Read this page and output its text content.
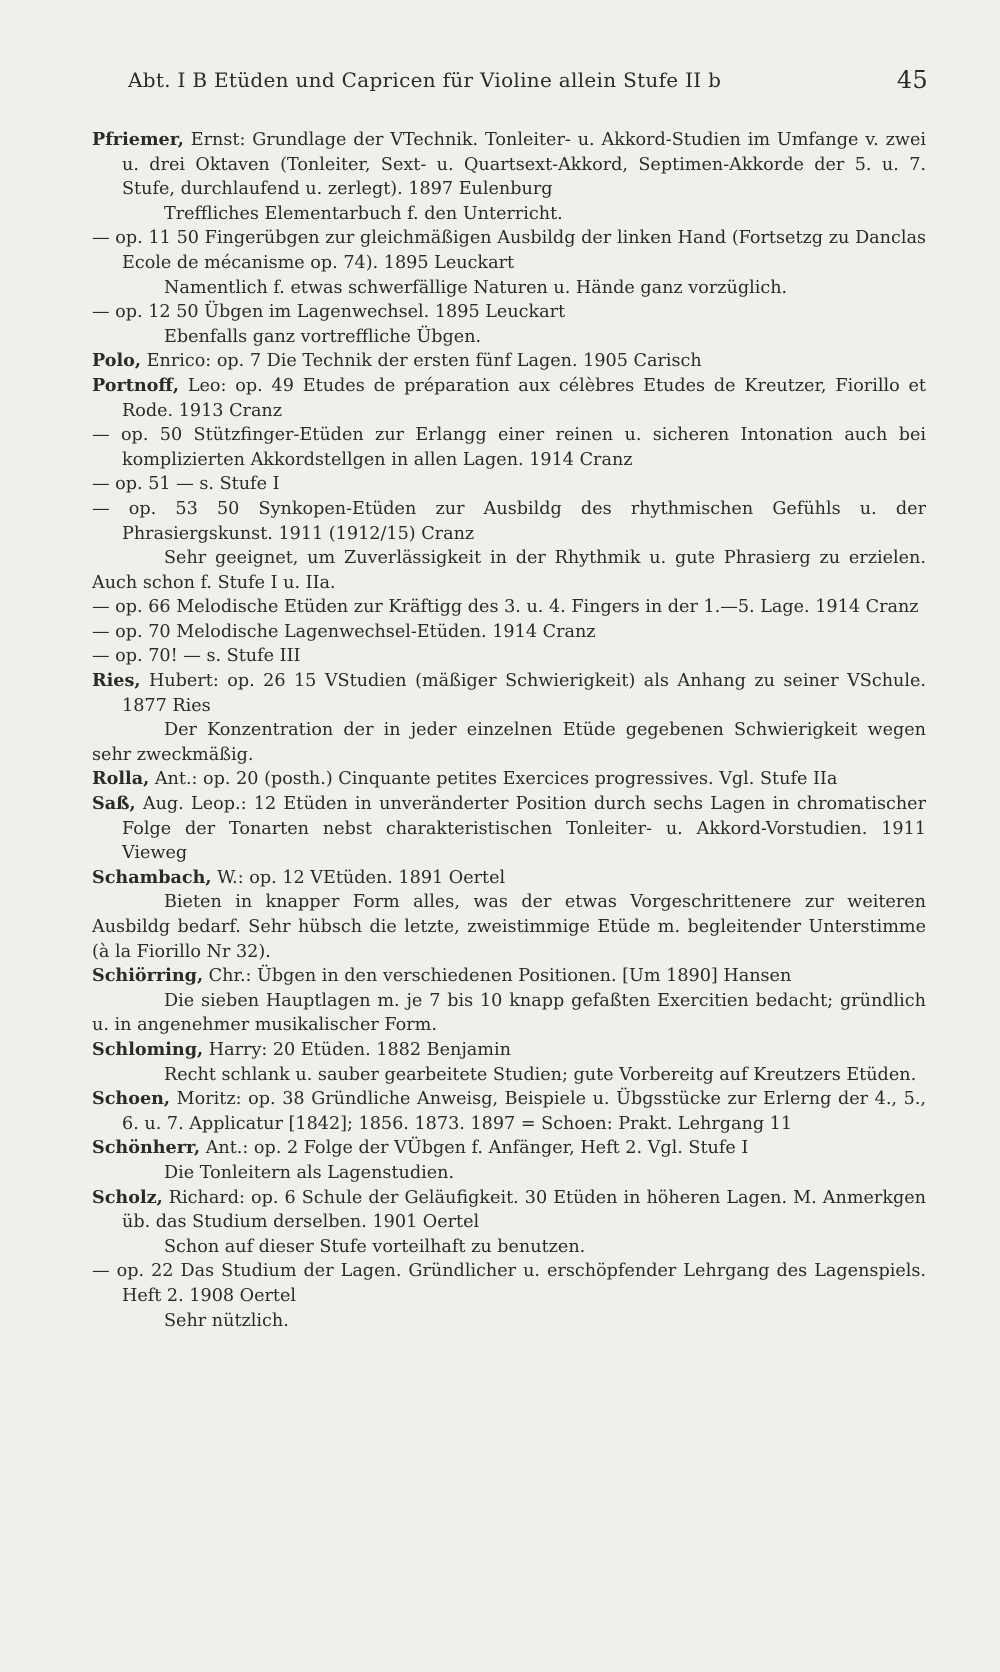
Abt. I B Etüden und Capricen für Violine allein Stufe II b	45

Pfriemer, Ernst: Grundlage der VTechnik. Tonleiter- u. Akkord-Studien im Umfange v. zwei u. drei Oktaven (Tonleiter, Sext- u. Quartsext-Akkord, Septimen-Akkorde der 5. u. 7. Stufe, durchlaufend u. zerlegt). 1897 Eulenburg

Treffliches Elementarbuch f. den Unterricht.

— op. 11 50 Fingerübgen zur gleichmäßigen Ausbildg der linken Hand (Fortsetzg zu Danclas Ecole de mécanisme op. 74). 1895 Leuckart

Namentlich f. etwas schwerfällige Naturen u. Hände ganz vorzüglich.

— op. 12 50 Übgen im Lagenwechsel. 1895 Leuckart

Ebenfalls ganz vortreffliche Übgen.

Polo, Enrico: op. 7 Die Technik der ersten fünf Lagen. 1905 Carisch

Portnoff, Leo: op. 49 Etudes de préparation aux célèbres Etudes de Kreutzer, Fiorillo et Rode. 1913 Cranz

— op. 50 Stützfinger-Etüden zur Erlangg einer reinen u. sicheren Intonation auch bei komplizierten Akkordstellgen in allen Lagen. 1914 Cranz

— op. 51 — s. Stufe I

— op. 53 50 Synkopen-Etüden zur Ausbildg des rhythmischen Gefühls u. der Phrasiergskunst. 1911 (1912/15) Cranz

Sehr geeignet, um Zuverlässigkeit in der Rhythmik u. gute Phrasierg zu erzielen. Auch schon f. Stufe I u. IIa.

— op. 66 Melodische Etüden zur Kräftigg des 3. u. 4. Fingers in der 1.—5. Lage. 1914 Cranz

— op. 70 Melodische Lagenwechsel-Etüden. 1914 Cranz

— op. 70! — s. Stufe III

Ries, Hubert: op. 26 15 VStudien (mäßiger Schwierigkeit) als Anhang zu seiner VSchule. 1877 Ries

Der Konzentration der in jeder einzelnen Etüde gegebenen Schwierigkeit wegen sehr zweckmäßig.

Rolla, Ant.: op. 20 (posth.) Cinquante petites Exercices progressives. Vgl. Stufe IIa

Saß, Aug. Leop.: 12 Etüden in unveränderter Position durch sechs Lagen in chromatischer Folge der Tonarten nebst charakteristischen Tonleiter- u. Akkord-Vorstudien. 1911 Vieweg

Schambach, W.: op. 12 VEtüden. 1891 Oertel

Bieten in knapper Form alles, was der etwas Vorgeschrittenere zur weiteren Ausbildg bedarf. Sehr hübsch die letzte, zweistimmige Etüde m. begleitender Unterstimme (à la Fiorillo Nr 32).

Schiörring, Chr.: Übgen in den verschiedenen Positionen. [Um 1890] Hansen

Die sieben Hauptlagen m. je 7 bis 10 knapp gefaßten Exercitien bedacht; gründlich u. in angenehmer musikalischer Form.

Schloming, Harry: 20 Etüden. 1882 Benjamin

Recht schlank u. sauber gearbeitete Studien; gute Vorbereitg auf Kreutzers Etüden.

Schoen, Moritz: op. 38 Gründliche Anweisg, Beispiele u. Übgsstücke zur Erlerng der 4., 5., 6. u. 7. Applicatur [1842]; 1856. 1873. 1897 = Schoen: Prakt. Lehrgang 11

Schönherr, Ant.: op. 2 Folge der VÜbgen f. Anfänger, Heft 2. Vgl. Stufe I

Die Tonleitern als Lagenstudien.

Scholz, Richard: op. 6 Schule der Geläufigkeit. 30 Etüden in höheren Lagen. M. Anmerkgen üb. das Studium derselben. 1901 Oertel

Schon auf dieser Stufe vorteilhaft zu benutzen.

— op. 22 Das Studium der Lagen. Gründlicher u. erschöpfender Lehrgang des Lagenspiels. Heft 2. 1908 Oertel

Sehr nützlich.
